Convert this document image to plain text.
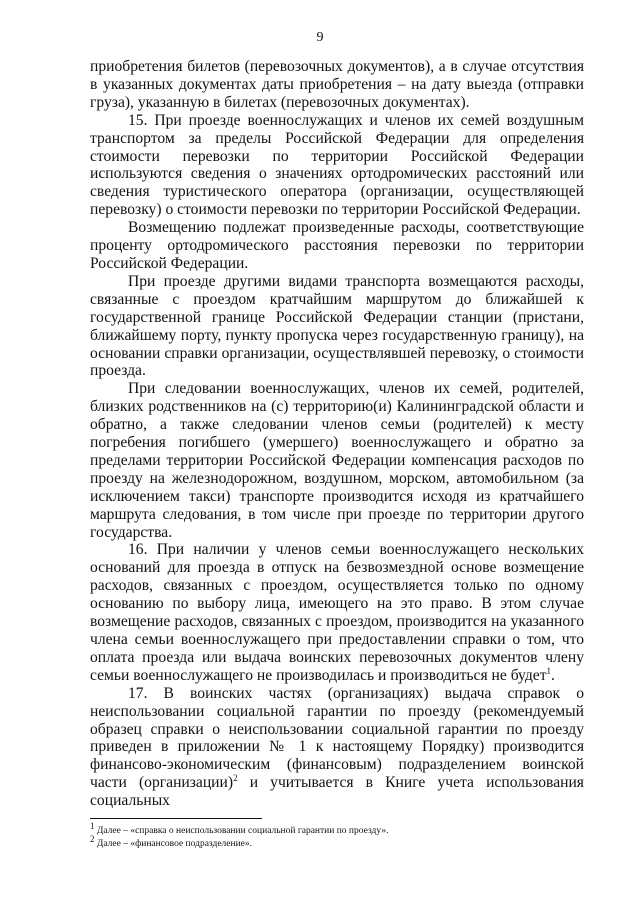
9

приобретения билетов (перевозочных документов), а в случае отсутствия в указанных документах даты приобретения – на дату выезда (отправки груза), указанную в билетах (перевозочных документах).

15. При проезде военнослужащих и членов их семей воздушным транспортом за пределы Российской Федерации для определения стоимости перевозки по территории Российской Федерации используются сведения о значениях ортодромических расстояний или сведения туристического оператора (организации, осуществляющей перевозку) о стоимости перевозки по территории Российской Федерации.

Возмещению подлежат произведенные расходы, соответствующие проценту ортодромического расстояния перевозки по территории Российской Федерации.

При проезде другими видами транспорта возмещаются расходы, связанные с проездом кратчайшим маршрутом до ближайшей к государственной границе Российской Федерации станции (пристани, ближайшему порту, пункту пропуска через государственную границу), на основании справки организации, осуществлявшей перевозку, о стоимости проезда.

При следовании военнослужащих, членов их семей, родителей, близких родственников на (с) территорию(и) Калининградской области и обратно, а также следовании членов семьи (родителей) к месту погребения погибшего (умершего) военнослужащего и обратно за пределами территории Российской Федерации компенсация расходов по проезду на железнодорожном, воздушном, морском, автомобильном (за исключением такси) транспорте производится исходя из кратчайшего маршрута следования, в том числе при проезде по территории другого государства.

16. При наличии у членов семьи военнослужащего нескольких оснований для проезда в отпуск на безвозмездной основе возмещение расходов, связанных с проездом, осуществляется только по одному основанию по выбору лица, имеющего на это право. В этом случае возмещение расходов, связанных с проездом, производится на указанного члена семьи военнослужащего при предоставлении справки о том, что оплата проезда или выдача воинских перевозочных документов члену семьи военнослужащего не производилась и производиться не будет$^1$.

17. В воинских частях (организациях) выдача справок о неиспользовании социальной гарантии по проезду (рекомендуемый образец справки о неиспользовании социальной гарантии по проезду приведен в приложении № 1 к настоящему Порядку) производится финансово-экономическим (финансовым) подразделением воинской части (организации)$^2$ и учитывается в Книге учета использования социальных

$^1$ Далее – «справка о неиспользовании социальной гарантии по проезду».

$^2$ Далее – «финансовое подразделение».
